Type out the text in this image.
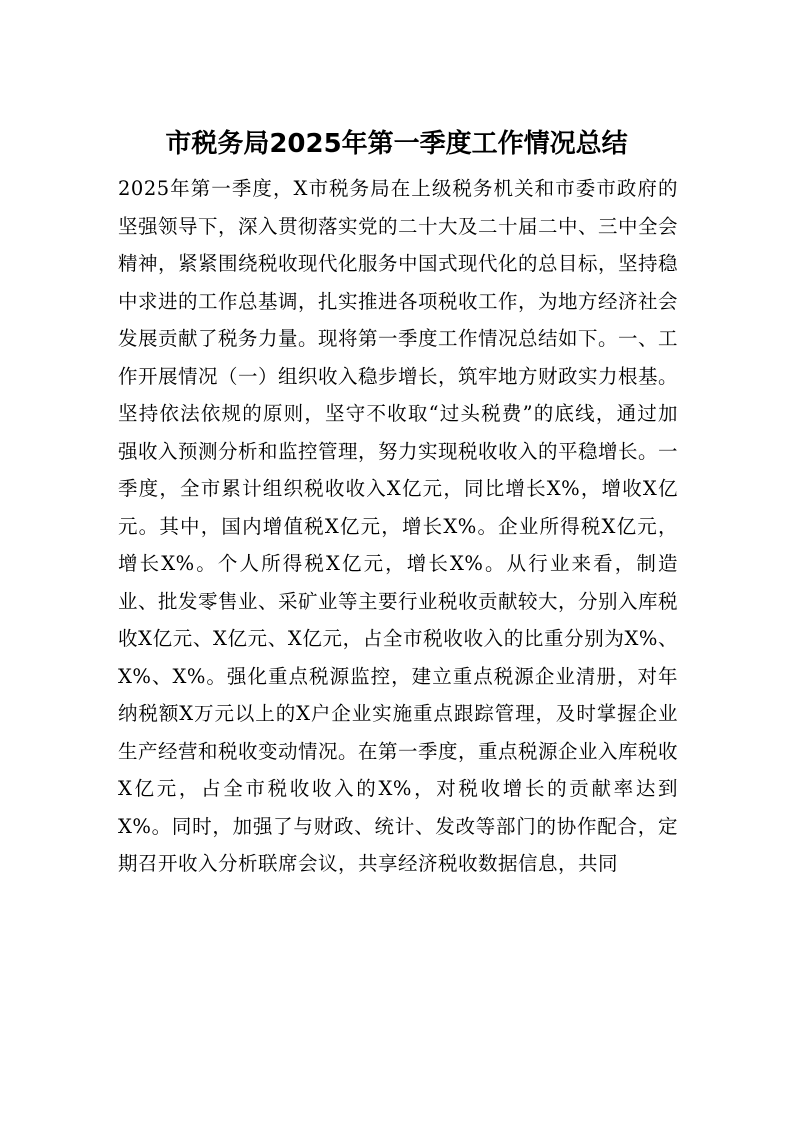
市税务局2025年第一季度工作情况总结

2025年第一季度，X市税务局在上级税务机关和市委市政府的坚强领导下，深入贯彻落实党的二十大及二十届二中、三中全会精神，紧紧围绕税收现代化服务中国式现代化的总目标，坚持稳中求进的工作总基调，扎实推进各项税收工作，为地方经济社会发展贡献了税务力量。现将第一季度工作情况总结如下。一、工作开展情况（一）组织收入稳步增长，筑牢地方财政实力根基。坚持依法依规的原则，坚守不收取“过头税费”的底线，通过加强收入预测分析和监控管理，努力实现税收收入的平稳增长。一季度，全市累计组织税收收入X亿元，同比增长X%，增收X亿元。其中，国内增值税X亿元，增长X%。企业所得税X亿元，增长X%。个人所得税X亿元，增长X%。从行业来看，制造业、批发零售业、采矿业等主要行业税收贡献较大，分别入库税收X亿元、X亿元、X亿元，占全市税收收入的比重分别为X%、X%、X%。强化重点税源监控，建立重点税源企业清册，对年纳税额X万元以上的X户企业实施重点跟踪管理，及时掌握企业生产经营和税收变动情况。在第一季度，重点税源企业入库税收X亿元，占全市税收收入的X%，对税收增长的贡献率达到X%。同时，加强了与财政、统计、发改等部门的协作配合，定期召开收入分析联席会议，共享经济税收数据信息，共同
